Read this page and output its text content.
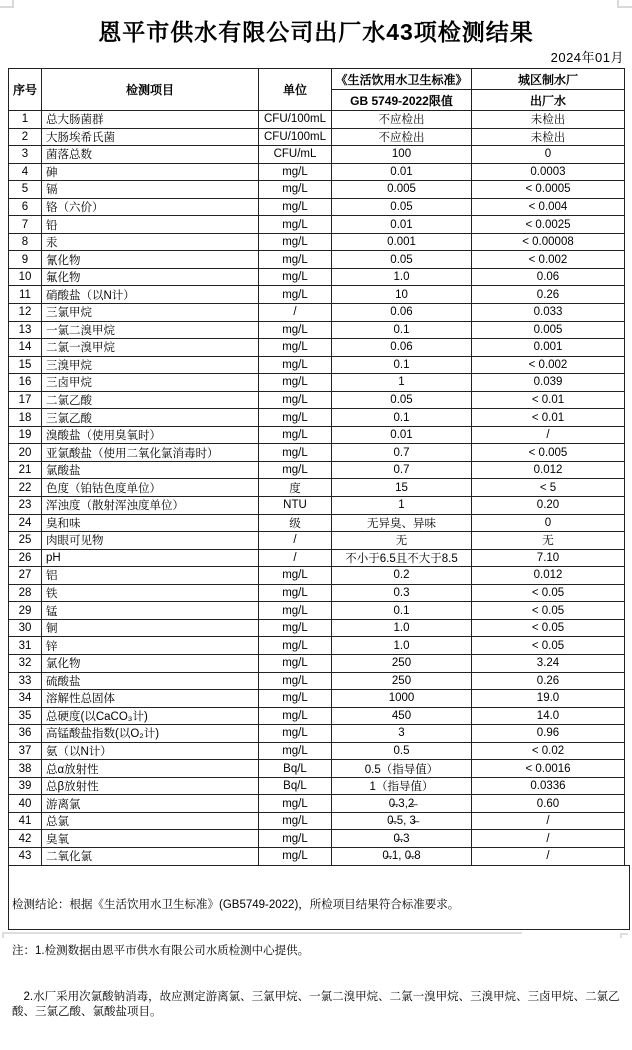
恩平市供水有限公司出厂水43项检测结果
2024年01月
序号	检测项目	单位	《生活饮用水卫生标准》	城区制水厂
			GB 5749-2022限值	出厂水
1	总大肠菌群	CFU/100mL	不应检出	未检出
2	大肠埃希氏菌	CFU/100mL	不应检出	未检出
3	菌落总数	CFU/mL	100	0
4	砷	mg/L	0.01	0.0003
5	镉	mg/L	0.005	< 0.0005
6	铬（六价）	mg/L	0.05	< 0.004
7	铅	mg/L	0.01	< 0.0025
8	汞	mg/L	0.001	< 0.00008
9	氰化物	mg/L	0.05	< 0.002
10	氟化物	mg/L	1.0	0.06
11	硝酸盐（以N计）	mg/L	10	0.26
12	三氯甲烷	/	0.06	0.033
13	一氯二溴甲烷	mg/L	0.1	0.005
14	二氯一溴甲烷	mg/L	0.06	0.001
15	三溴甲烷	mg/L	0.1	< 0.002
16	三卤甲烷	mg/L	1	0.039
17	二氯乙酸	mg/L	0.05	< 0.01
18	三氯乙酸	mg/L	0.1	< 0.01
19	溴酸盐（使用臭氧时）	mg/L	0.01	/
20	亚氯酸盐（使用二氧化氯消毒时）	mg/L	0.7	< 0.005
21	氯酸盐	mg/L	0.7	0.012
22	色度（铂钴色度单位）	度	15	< 5
23	浑浊度（散射浑浊度单位）	NTU	1	0.20
24	臭和味	级	无异臭、异味	0
25	肉眼可见物	/	无	无
26	pH	/	不小于6.5且不大于8.5	7.10
27	铝	mg/L	0.2	0.012
28	铁	mg/L	0.3	< 0.05
29	锰	mg/L	0.1	< 0.05
30	铜	mg/L	1.0	< 0.05
31	锌	mg/L	1.0	< 0.05
32	氯化物	mg/L	250	3.24
33	硫酸盐	mg/L	250	0.26
34	溶解性总固体	mg/L	1000	19.0
35	总硬度(以CaCO₃计)	mg/L	450	14.0
36	高锰酸盐指数(以O₂计)	mg/L	3	0.96
37	氨（以N计）	mg/L	0.5	< 0.02
38	总α放射性	Bq/L	0.5（指导值）	< 0.0016
39	总β放射性	Bq/L	1（指导值）	0.0336
40	游离氯	mg/L	0̶.3,2̶	0.60
41	总氯	mg/L	0̶.5, 3̶	/
42	臭氧	mg/L	0̶.3	/
43	二氧化氯	mg/L	0̶.1, 0̶.8	/

检测结论：根据《生活饮用水卫生标准》(GB5749-2022)，所检项目结果符合标准要求。

注：1.检测数据由恩平市供水有限公司水质检测中心提供。

　2.水厂采用次氯酸钠消毒，故应测定游离氯、三氯甲烷、一氯二溴甲烷、二氯一溴甲烷、三溴甲烷、三卤甲烷、二氯乙酸、三氯乙酸、氯酸盐项目。
